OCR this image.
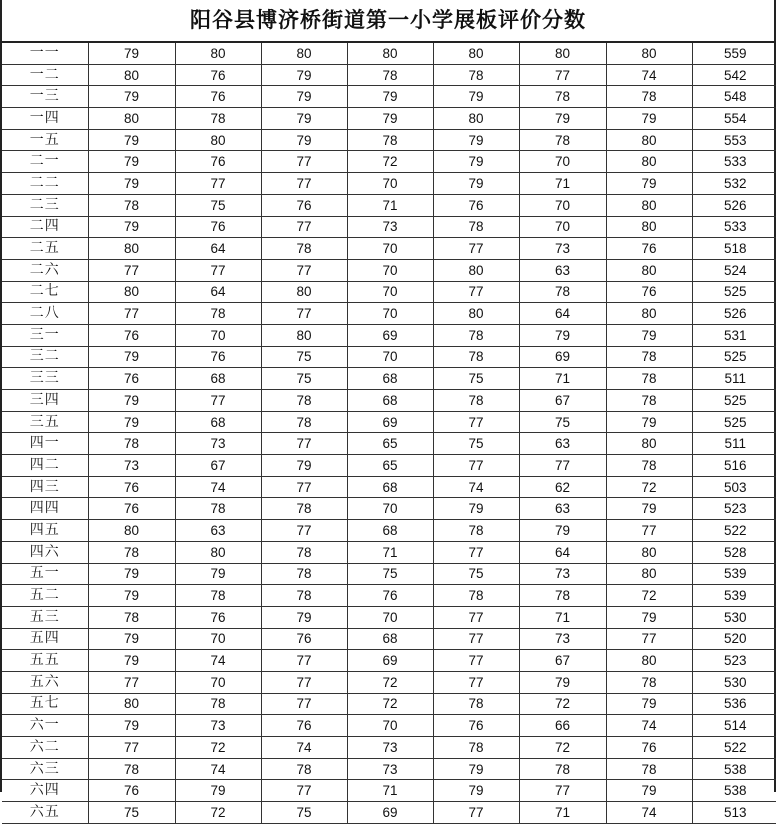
阳谷县博济桥街道第一小学展板评价分数
一一	79	80	80	80	80	80	80	559
一二	80	76	79	78	78	77	74	542
一三	79	76	79	79	79	78	78	548
一四	80	78	79	79	80	79	79	554
一五	79	80	79	78	79	78	80	553
二一	79	76	77	72	79	70	80	533
二二	79	77	77	70	79	71	79	532
二三	78	75	76	71	76	70	80	526
二四	79	76	77	73	78	70	80	533
二五	80	64	78	70	77	73	76	518
二六	77	77	77	70	80	63	80	524
二七	80	64	80	70	77	78	76	525
二八	77	78	77	70	80	64	80	526
三一	76	70	80	69	78	79	79	531
三二	79	76	75	70	78	69	78	525
三三	76	68	75	68	75	71	78	511
三四	79	77	78	68	78	67	78	525
三五	79	68	78	69	77	75	79	525
四一	78	73	77	65	75	63	80	511
四二	73	67	79	65	77	77	78	516
四三	76	74	77	68	74	62	72	503
四四	76	78	78	70	79	63	79	523
四五	80	63	77	68	78	79	77	522
四六	78	80	78	71	77	64	80	528
五一	79	79	78	75	75	73	80	539
五二	79	78	78	76	78	78	72	539
五三	78	76	79	70	77	71	79	530
五四	79	70	76	68	77	73	77	520
五五	79	74	77	69	77	67	80	523
五六	77	70	77	72	77	79	78	530
五七	80	78	77	72	78	72	79	536
六一	79	73	76	70	76	66	74	514
六二	77	72	74	73	78	72	76	522
六三	78	74	78	73	79	78	78	538
六四	76	79	77	71	79	77	79	538
六五	75	72	75	69	77	71	74	513
